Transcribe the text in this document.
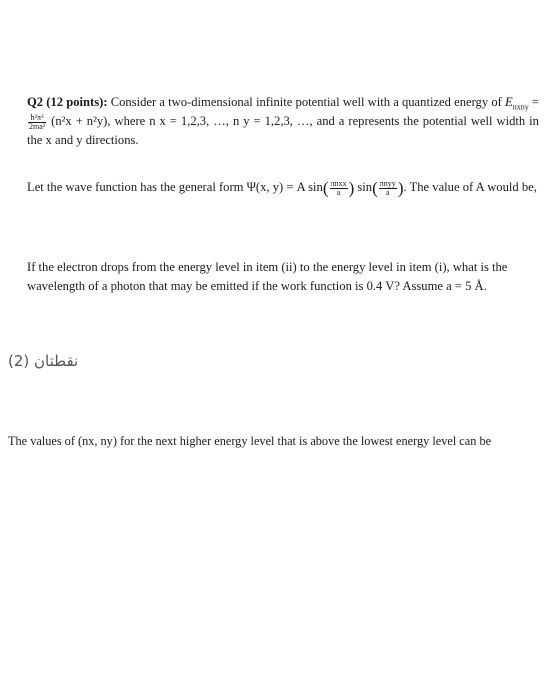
Q2 (12 points): Consider a two-dimensional infinite potential well with a quantized energy of $E_{nxny}$ =
$\frac{\text{ħ²π²}}{\text{2ma²}} (n^2x + n^2y)$, where n x = 1,2,3, …, n y = 1,2,3, …, and a represents the potential well width in the x and y directions.
Let the wave function has the general form Ψ(x, y) = A $\sin( \frac{\text{πnxx}}{a}$ ) $\sin( \frac{\text{πnyy}}{a}$ ). The value of A would be,
If the electron drops from the energy level in item (ii) to the energy level in item (i), what is the wavelength of a photon that may be emitted if the work function is 0.4 V? Assume a = 5 Å.
نقطتان (2)
The values of (nx, ny) for the next higher energy level that is above the lowest energy level can be
